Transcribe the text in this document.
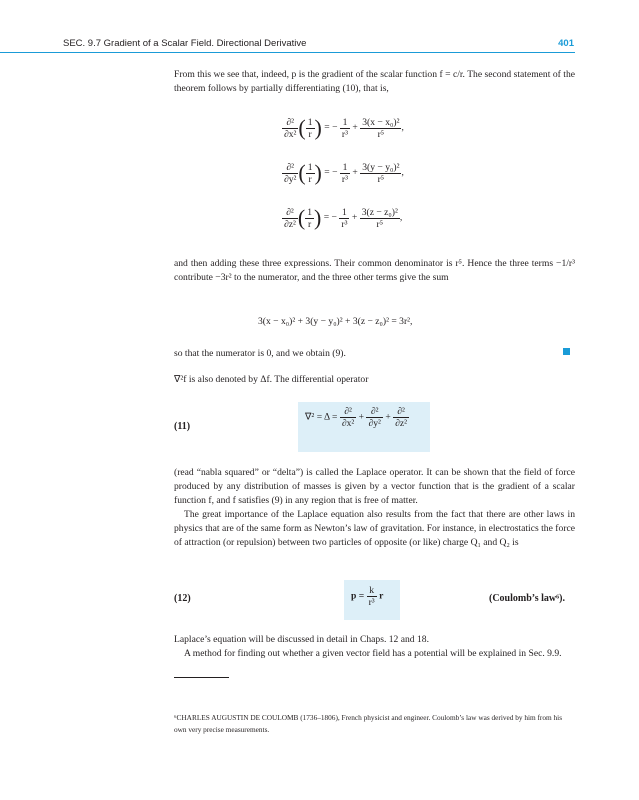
SEC. 9.7 Gradient of a Scalar Field. Directional Derivative	401
From this we see that, indeed, p is the gradient of the scalar function f = c/r. The second statement of the theorem follows by partially differentiating (10), that is,
$\frac{\text{∂²}}{\text{∂x²}}$ ( $\frac{1}{r}$ ) = − $\frac{1}{\text{r³}} + \frac{\text{3(x − x₀)²}}{\text{r⁵}}$ ,
$\frac{\text{∂²}}{\text{∂y²}}$ ( $\frac{1}{r}$ ) = − $\frac{1}{\text{r³}} + \frac{\text{3(y − y₀)²}}{\text{r⁵}}$ ,
$\frac{\text{∂²}}{\text{∂z²}}$ ( $\frac{1}{r}$ ) = − $\frac{1}{\text{r³}} + \frac{\text{3(z − z₀)²}}{\text{r⁵}}$ ,
and then adding these three expressions. Their common denominator is r⁵. Hence the three terms −1/r³ contribute −3r² to the numerator, and the three other terms give the sum
3(x − x₀)² + 3(y − y₀)² + 3(z − z₀)² = 3r²,
so that the numerator is 0, and we obtain (9).
∇²f is also denoted by Δf. The differential operator
(11)
$\nabla^2 = \Delta = \frac{\text{∂²}}{\text{∂x²}} + \frac{\text{∂²}}{\text{∂y²}} + \frac{\text{∂²}}{\text{∂z²}}$
(read “nabla squared” or “delta”) is called the Laplace operator. It can be shown that the field of force produced by any distribution of masses is given by a vector function that is the gradient of a scalar function f, and f satisfies (9) in any region that is free of matter.
The great importance of the Laplace equation also results from the fact that there are other laws in physics that are of the same form as Newton’s law of gravitation. For instance, in electrostatics the force of attraction (or repulsion) between two particles of opposite (or like) charge Q₁ and Q₂ is
(12)	$p = \frac{k}{\text{r³}}$ r	(Coulomb’s law⁶).
Laplace’s equation will be discussed in detail in Chaps. 12 and 18.
A method for finding out whether a given vector field has a potential will be explained in Sec. 9.9.
⁶CHARLES AUGUSTIN DE COULOMB (1736–1806), French physicist and engineer. Coulomb’s law was derived by him from his own very precise measurements.
